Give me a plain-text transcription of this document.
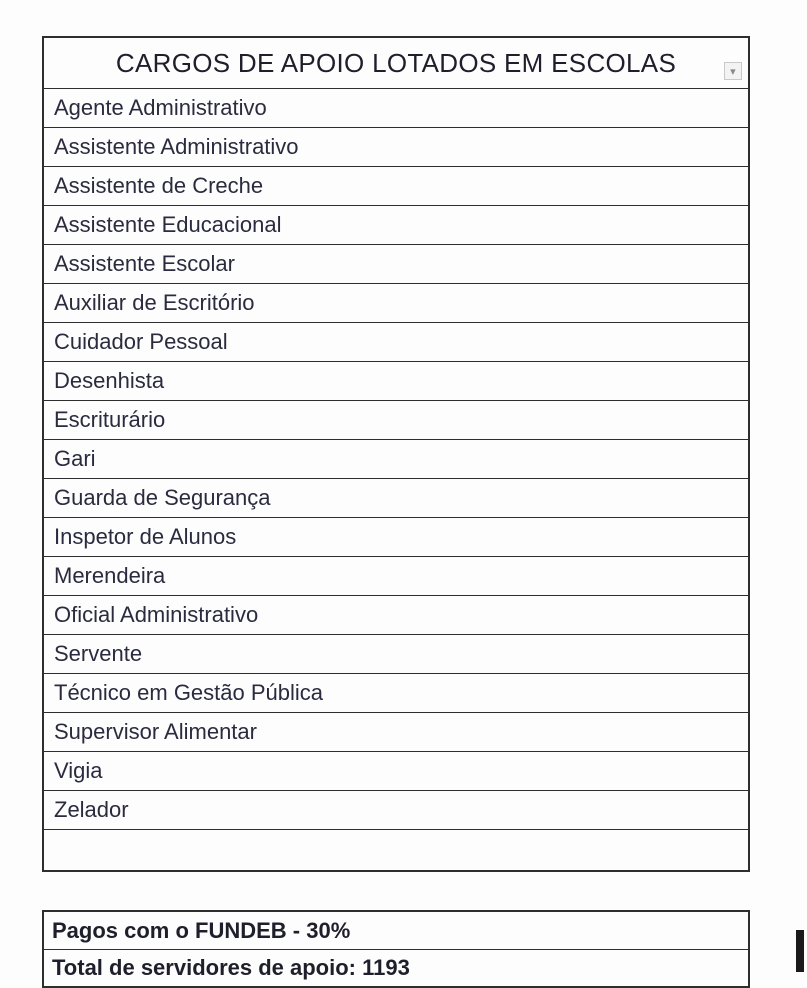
CARGOS DE APOIO LOTADOS EM ESCOLAS	▾
Agente Administrativo
Assistente Administrativo
Assistente de Creche
Assistente Educacional
Assistente Escolar
Auxiliar de Escritório
Cuidador Pessoal
Desenhista
Escriturário
Gari
Guarda de Segurança
Inspetor de Alunos
Merendeira
Oficial Administrativo
Servente
Técnico em Gestão Pública
Supervisor Alimentar
Vigia
Zelador
Pagos com o FUNDEB - 30%
Total de servidores de apoio: 1193
